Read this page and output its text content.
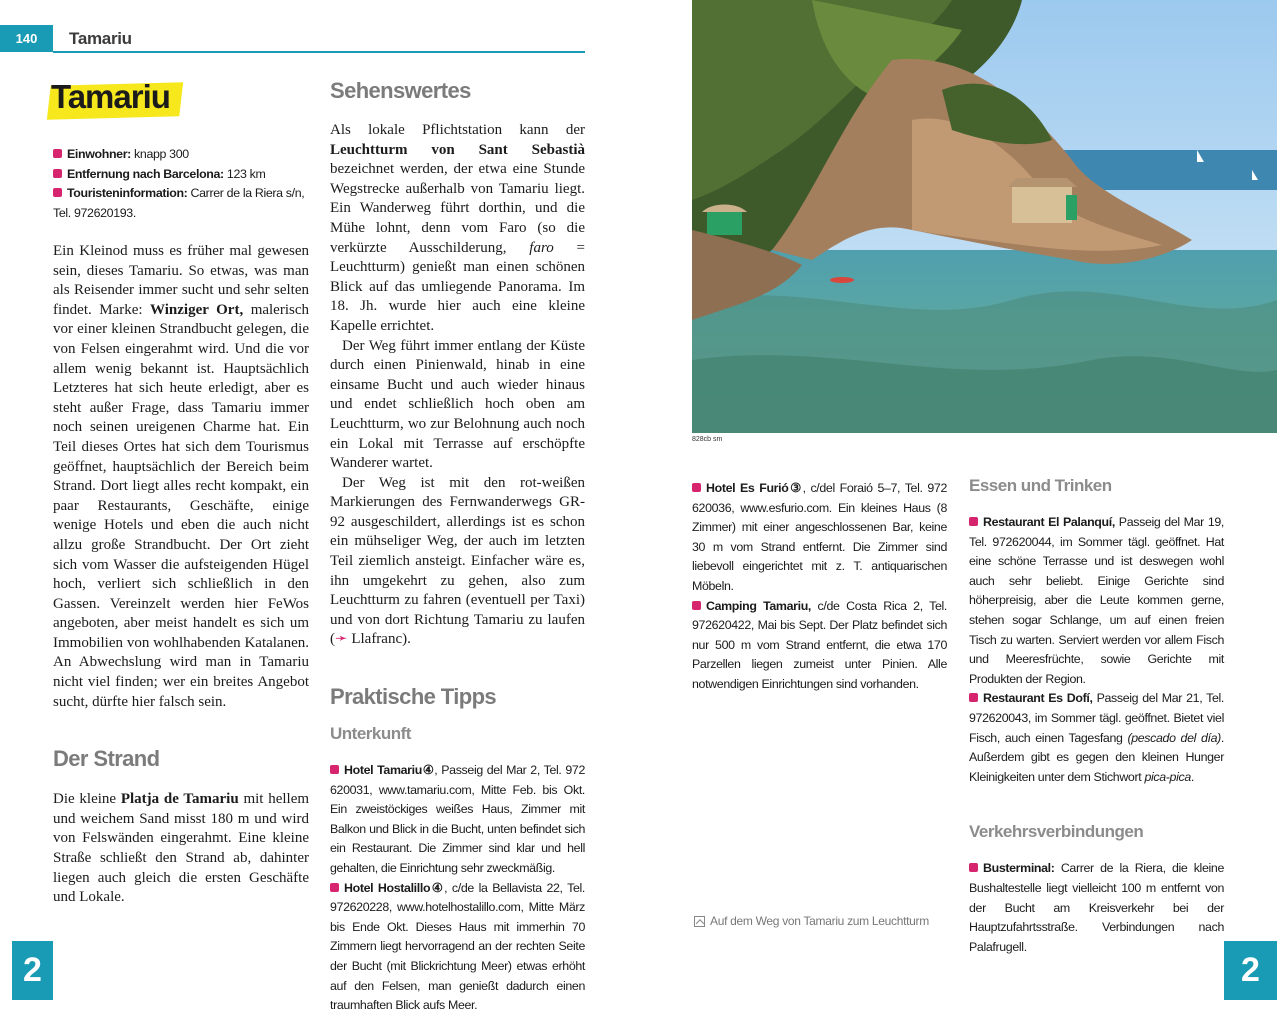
140	Tamariu
2	2
Tamariu
Einwohner: knapp 300
Entfernung nach Barcelona: 123 km
Touristeninformation: Carrer de la Riera s/n, Tel. 972620193.

Ein Kleinod muss es früher mal gewesen sein, dieses Tamariu. So etwas, was man als Reisender immer sucht und sehr selten findet. Marke: Winziger Ort, malerisch vor einer kleinen Strandbucht gelegen, die von Felsen eingerahmt wird. Und die vor allem wenig bekannt ist. Hauptsächlich Letzteres hat sich heute erledigt, aber es steht außer Frage, dass Tamariu immer noch seinen ureigenen Charme hat. Ein Teil dieses Ortes hat sich dem Tourismus geöffnet, hauptsächlich der Bereich beim Strand. Dort liegt alles recht kompakt, ein paar Restaurants, Geschäfte, einige wenige Hotels und eben die auch nicht allzu große Strandbucht. Der Ort zieht sich vom Wasser die aufsteigenden Hügel hoch, verliert sich schließlich in den Gassen. Vereinzelt werden hier FeWos angeboten, aber meist handelt es sich um Immobilien von wohlhabenden Katalanen. An Abwechslung wird man in Tamariu nicht viel finden; wer ein breites Angebot sucht, dürfte hier falsch sein.

Der Strand

Die kleine Platja de Tamariu mit hellem und weichem Sand misst 180 m und wird von Felswänden eingerahmt. Eine kleine Straße schließt den Strand ab, dahinter liegen auch gleich die ersten Geschäfte und Lokale.

Sehenswertes

Als lokale Pflichtstation kann der Leuchtturm von Sant Sebastià bezeichnet werden, der etwa eine Stunde Wegstrecke außerhalb von Tamariu liegt. Ein Wanderweg führt dorthin, und die Mühe lohnt, denn vom Faro (so die verkürzte Ausschilderung, faro = Leuchtturm) genießt man einen schönen Blick auf das umliegende Panorama. Im 18. Jh. wurde hier auch eine kleine Kapelle errichtet.

Der Weg führt immer entlang der Küste durch einen Pinienwald, hinab in eine einsame Bucht und auch wieder hinaus und endet schließlich hoch oben am Leuchtturm, wo zur Belohnung auch noch ein Lokal mit Terrasse auf erschöpfte Wanderer wartet.

Der Weg ist mit den rot-weißen Markierungen des Fernwanderwegs GR-92 ausgeschildert, allerdings ist es schon ein mühseliger Weg, der auch im letzten Teil ziemlich ansteigt. Einfacher wäre es, ihn umgekehrt zu gehen, also zum Leuchtturm zu fahren (eventuell per Taxi) und von dort Richtung Tamariu zu laufen (➛ Llafranc).

Praktische Tipps
Unterkunft

Hotel Tamariu④, Passeig del Mar 2, Tel. 972 620031, www.tamariu.com, Mitte Feb. bis Okt. Ein zweistöckiges weißes Haus, Zimmer mit Balkon und Blick in die Bucht, unten befindet sich ein Restaurant. Die Zimmer sind klar und hell gehalten, die Einrichtung sehr zweckmäßig.

Hotel Hostalillo④, c/de la Bellavista 22, Tel. 972620228, www.hotelhostalillo.com, Mitte März bis Ende Okt. Dieses Haus mit immerhin 70 Zimmern liegt hervorragend an der rechten Seite der Bucht (mit Blickrichtung Meer) etwas erhöht auf den Felsen, man genießt dadurch einen traumhaften Blick aufs Meer.

828cb sm

Hotel Es Furió③, c/del Foraió 5–7, Tel. 972 620036, www.esfurio.com. Ein kleines Haus (8 Zimmer) mit einer angeschlossenen Bar, keine 30 m vom Strand entfernt. Die Zimmer sind liebevoll eingerichtet mit z. T. antiquarischen Möbeln.

Camping Tamariu, c/de Costa Rica 2, Tel. 972620422, Mai bis Sept. Der Platz befindet sich nur 500 m vom Strand entfernt, die etwa 170 Parzellen liegen zumeist unter Pinien. Alle notwendigen Einrichtungen sind vorhanden.

Auf dem Weg von Tamariu zum Leuchtturm
Essen und Trinken

Restaurant El Palanquí, Passeig del Mar 19, Tel. 972620044, im Sommer tägl. geöffnet. Hat eine schöne Terrasse und ist deswegen wohl auch sehr beliebt. Einige Gerichte sind höherpreisig, aber die Leute kommen gerne, stehen sogar Schlange, um auf einen freien Tisch zu warten. Serviert werden vor allem Fisch und Meeresfrüchte, sowie Gerichte mit Produkten der Region.

Restaurant Es Dofí, Passeig del Mar 21, Tel. 972620043, im Sommer tägl. geöffnet. Bietet viel Fisch, auch einen Tagesfang (pescado del día). Außerdem gibt es gegen den kleinen Hunger Kleinigkeiten unter dem Stichwort pica-pica.

Verkehrsverbindungen

Busterminal: Carrer de la Riera, die kleine Bushaltestelle liegt vielleicht 100 m entfernt von der Bucht am Kreisverkehr bei der Hauptzufahrtsstraße. Verbindungen nach Palafrugell.
